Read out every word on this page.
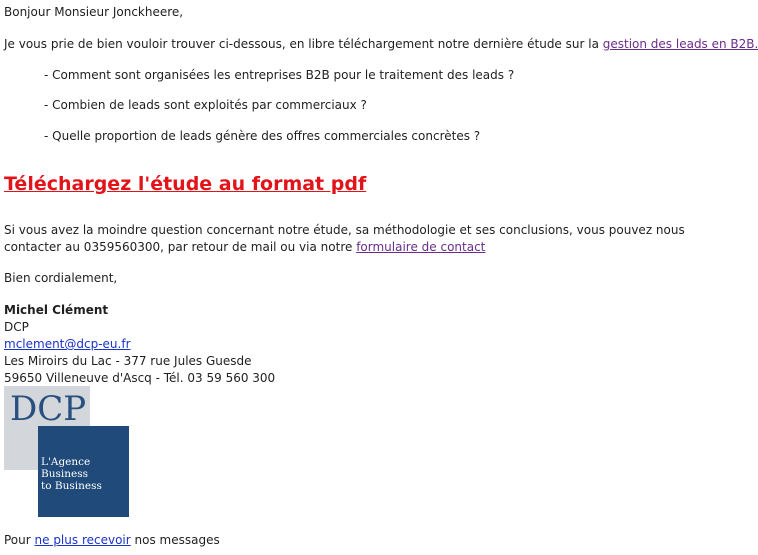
Bonjour Monsieur Jonckheere,
Je vous prie de bien vouloir trouver ci-dessous, en libre téléchargement notre dernière étude sur la gestion des leads en B2B.
- Comment sont organisées les entreprises B2B pour le traitement des leads ?
- Combien de leads sont exploités par commerciaux ?
- Quelle proportion de leads génère des offres commerciales concrètes ?
Téléchargez l'étude au format pdf
Si vous avez la moindre question concernant notre étude, sa méthodologie et ses conclusions, vous pouvez nous contacter au 0359560300, par retour de mail ou via notre formulaire de contact
Bien cordialement,
Michel Clément
DCP
mclement@dcp-eu.fr
Les Miroirs du Lac - 377 rue Jules Guesde
59650 Villeneuve d'Ascq - Tél. 03 59 560 300
DCP
L'Agence
Business
to Business
Pour ne plus recevoir nos messages
